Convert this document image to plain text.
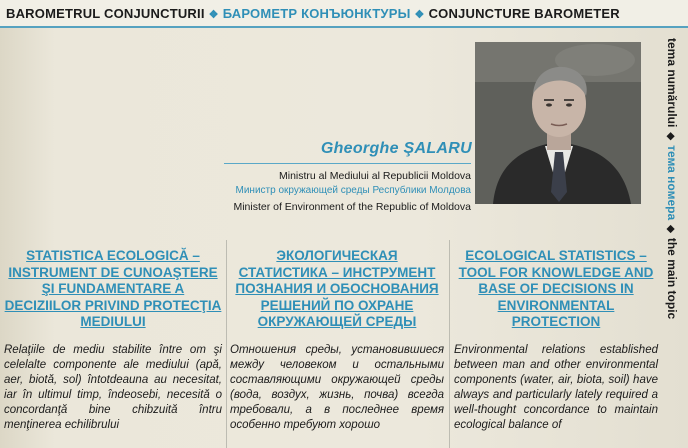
BAROMETRUL CONJUNCTURII ❖ БАРОМЕТР КОНЪЮНКТУРЫ ❖ CONJUNCTURE BAROMETER
tema numărului◆тема номера◆the main topic
Gheorghe ŞALARU
Ministru al Mediului al Republicii Moldova
Министр окружающей среды Республики Молдова
Minister of Environment of the Republic of Moldova
STATISTICA ECOLOGICĂ – INSTRUMENT DE CUNOAŞTERE ŞI FUNDAMENTARE A DECIZIILOR PRIVIND PROTECŢIA MEDIULUI
Relaţiile de mediu stabilite între om şi celelalte componente ale mediului (apă, aer, biotă, sol) întotdeauna au necesitat, iar în ultimul timp, îndeosebi, necesită o concordanţă bine chibzuită întru menţinerea echilibrului
ЭКОЛОГИЧЕСКАЯ СТАТИСТИКА – ИНСТРУМЕНТ ПОЗНАНИЯ И ОБОСНОВАНИЯ РЕШЕНИЙ ПО ОХРАНЕ ОКРУЖАЮЩЕЙ СРЕДЫ
Отношения среды, установившиеся между человеком и остальными составляющими окружающей среды (вода, воздух, жизнь, почва) всегда требовали, а в последнее время особенно требуют хорошо
ECOLOGICAL STATISTICS – TOOL FOR KNOWLEDGE AND BASE OF DECISIONS IN ENVIRONMENTAL PROTECTION
Environmental relations established between man and other environmental components (water, air, biota, soil) have always and particularly lately required a well-thought concordance to maintain ecological balance of
